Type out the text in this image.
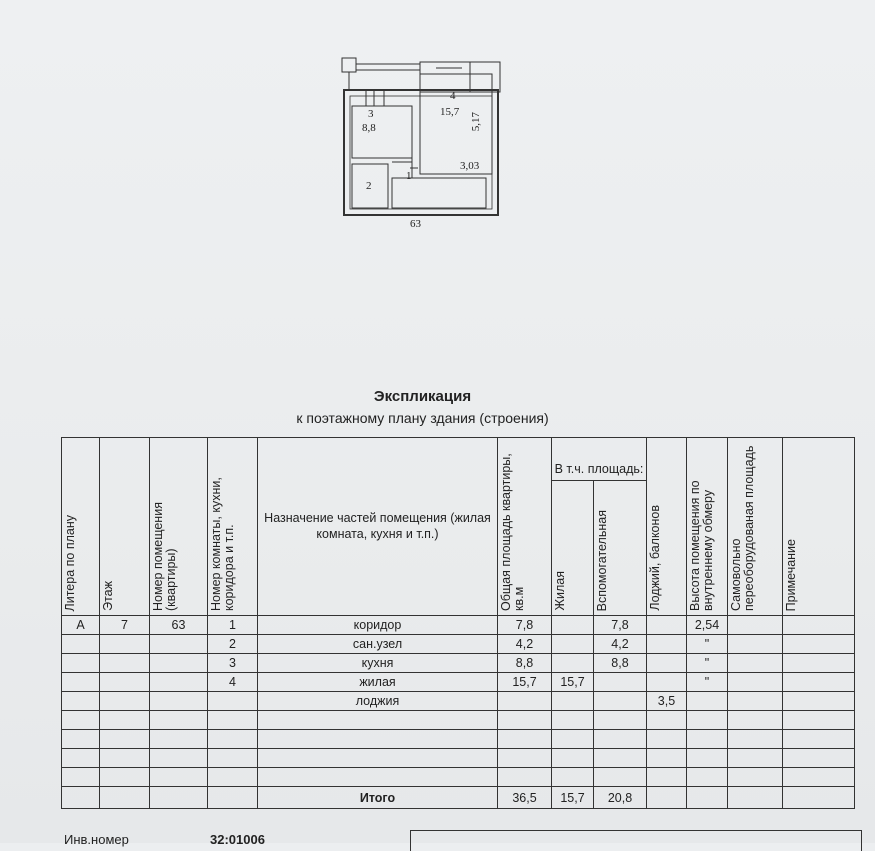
3
8,8
4
15,7
2
1
5,17
3,03
63
Экспликация
к поэтажному плану здания (строения)
Литера по плану	Этаж	Номер помещения (квартиры)	Номер комнаты, кухни, коридора и т.п.	Назначение частей помещения (жилая комната, кухня и т.п.)	Общая площадь квартиры, кв.м	В т.ч. площадь:		Лоджий, балконов	Высота помещения по внутреннему обмеру	Самовольно переоборудованая площадь	Примечание

						Жилая	Вспомогательная				

А	7	63	1	коридор	7,8		7,8		2,54		
			2	сан.узел	4,2		4,2		"		
			3	кухня	8,8		8,8		"		
			4	жилая	15,7	15,7			"		
				лоджия				3,5			

				Итого	36,5	15,7	20,8				
Инв.номер	32:01006
